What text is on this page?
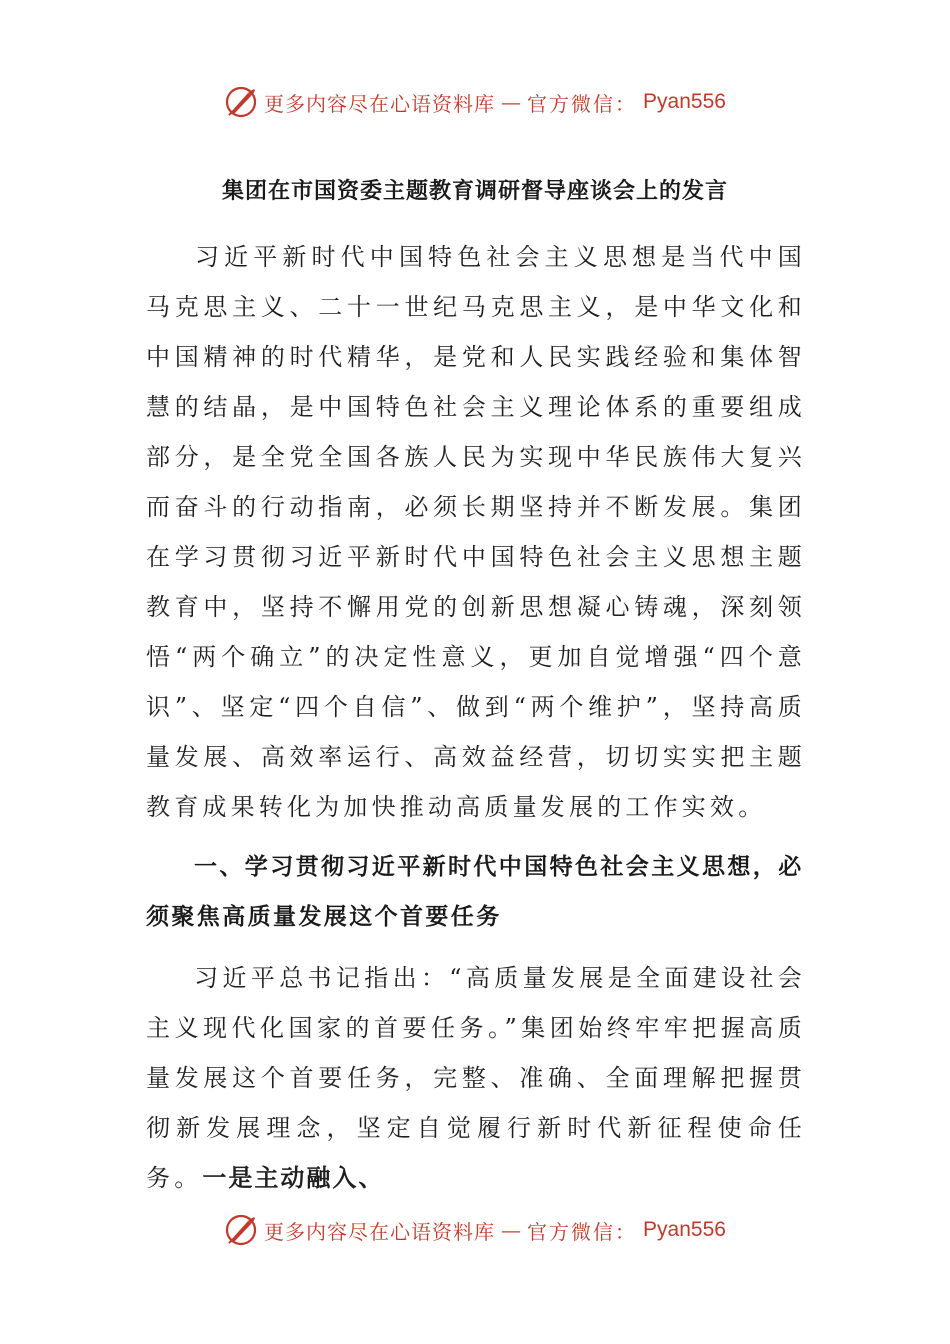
更多内容尽在心语资料库 — 官方微信： Pyan556
集团在市国资委主题教育调研督导座谈会上的发言
习近平新时代中国特色社会主义思想是当代中国马克思主义、二十一世纪马克思主义，是中华文化和中国精神的时代精华，是党和人民实践经验和集体智慧的结晶，是中国特色社会主义理论体系的重要组成部分，是全党全国各族人民为实现中华民族伟大复兴而奋斗的行动指南，必须长期坚持并不断发展。集团在学习贯彻习近平新时代中国特色社会主义思想主题教育中，坚持不懈用党的创新思想凝心铸魂，深刻领悟“两个确立”的决定性意义，更加自觉增强“四个意识”、坚定“四个自信”、做到“两个维护”，坚持高质量发展、高效率运行、高效益经营，切切实实把主题教育成果转化为加快推动高质量发展的工作实效。
一、学习贯彻习近平新时代中国特色社会主义思想，必须聚焦高质量发展这个首要任务
习近平总书记指出：“高质量发展是全面建设社会主义现代化国家的首要任务。”集团始终牢牢把握高质量发展这个首要任务，完整、准确、全面理解把握贯彻新发展理念，坚定自觉履行新时代新征程使命任务。一是主动融入、
更多内容尽在心语资料库 — 官方微信： Pyan556
